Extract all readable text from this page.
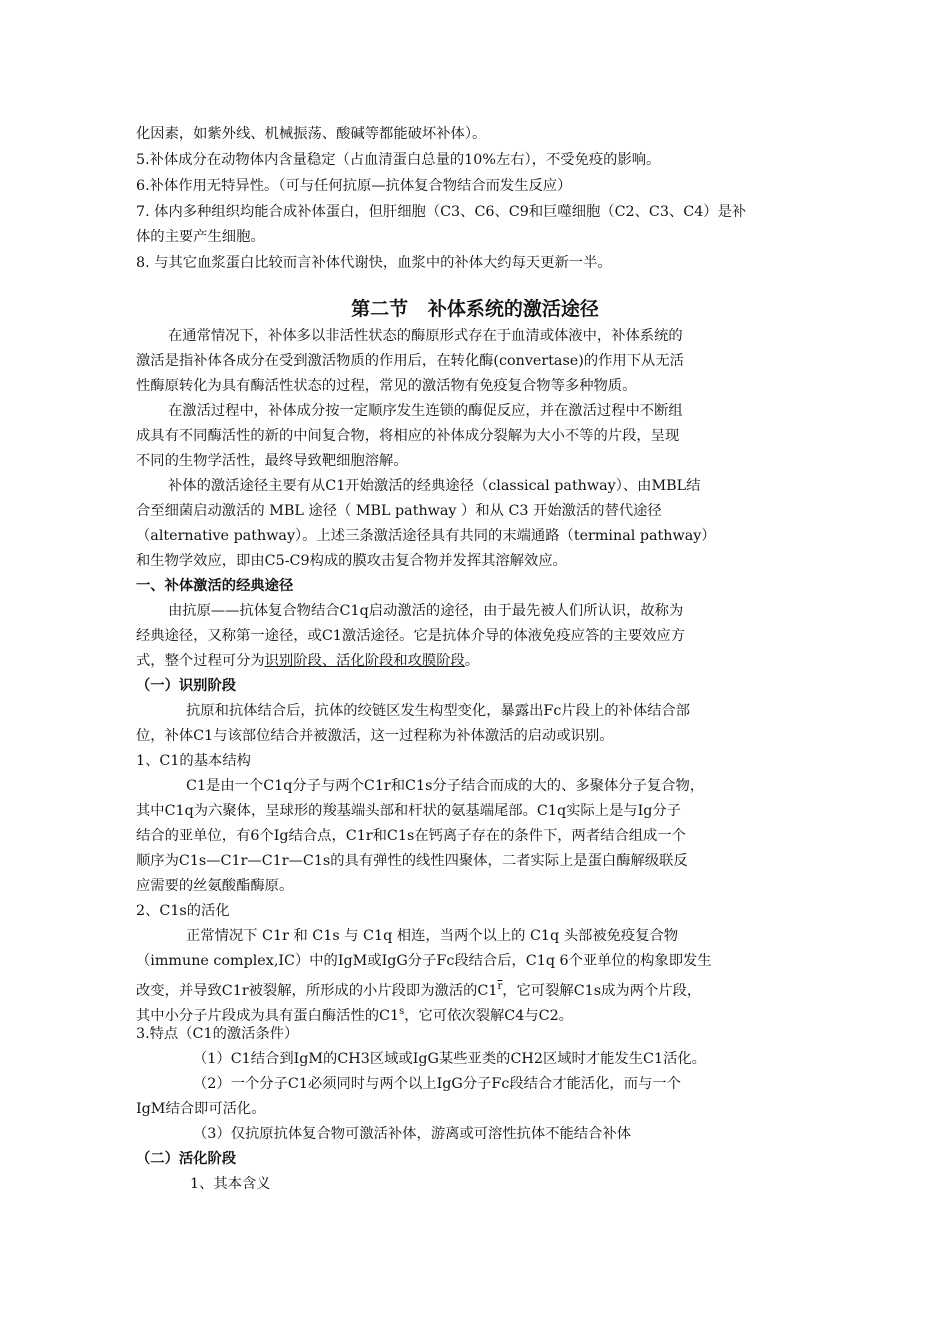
化因素，如紫外线、机械振荡、酸碱等都能破坏补体）。
5.补体成分在动物体内含量稳定（占血清蛋白总量的10%左右），不受免疫的影响。
6.补体作用无特异性。（可与任何抗原—抗体复合物结合而发生反应）
7. 体内多种组织均能合成补体蛋白，但肝细胞（C3、C6、C9和巨噬细胞（C2、C3、C4）是补
体的主要产生细胞。
8. 与其它血浆蛋白比较而言补体代谢快，血浆中的补体大约每天更新一半。
第二节   补体系统的激活途径
在通常情况下，补体多以非活性状态的酶原形式存在于血清或体液中，补体系统的
激活是指补体各成分在受到激活物质的作用后，在转化酶(convertase)的作用下从无活
性酶原转化为具有酶活性状态的过程，常见的激活物有免疫复合物等多种物质。
在激活过程中，补体成分按一定顺序发生连锁的酶促反应，并在激活过程中不断组
成具有不同酶活性的新的中间复合物，将相应的补体成分裂解为大小不等的片段，呈现
不同的生物学活性，最终导致靶细胞溶解。
补体的激活途径主要有从C1开始激活的经典途径（classical pathway）、由MBL结
合至细菌启动激活的 MBL 途径（ MBL pathway ）和从 C3 开始激活的替代途径
（alternative pathway）。上述三条激活途径具有共同的末端通路（terminal pathway）
和生物学效应，即由C5-C9构成的膜攻击复合物并发挥其溶解效应。
一、补体激活的经典途径
由抗原——抗体复合物结合C1q启动激活的途径，由于最先被人们所认识，故称为
经典途径，又称第一途径，或C1激活途径。它是抗体介导的体液免疫应答的主要效应方
式，整个过程可分为识别阶段、活化阶段和攻膜阶段。
（一）识别阶段
抗原和抗体结合后，抗体的绞链区发生构型变化，暴露出Fc片段上的补体结合部
位，补体C1与该部位结合并被激活，这一过程称为补体激活的启动或识别。
1、C1的基本结构
C1是由一个C1q分子与两个C1r和C1s分子结合而成的大的、多聚体分子复合物，
其中C1q为六聚体，呈球形的羧基端头部和杆状的氨基端尾部。C1q实际上是与Ig分子
结合的亚单位，有6个Ig结合点，C1r和C1s在钙离子存在的条件下，两者结合组成一个
顺序为C1s—C1r—C1r—C1s的具有弹性的线性四聚体，二者实际上是蛋白酶解级联反
应需要的丝氨酸酯酶原。
2、C1s的活化
正常情况下 C1r 和 C1s 与 C1q 相连，当两个以上的 C1q 头部被免疫复合物
（immune complex,IC）中的IgM或IgG分子Fc段结合后，C1q 6个亚单位的构象即发生
改变，并导致C1r被裂解，所形成的小片段即为激活的C1$^{\overline{r}}$，它可裂解C1s成为两个片段，
其中小分子片段成为具有蛋白酶活性的C1$^s$，它可依次裂解C4与C2。
3.特点（C1的激活条件）
（1）C1结合到IgM的CH3区域或IgG某些亚类的CH2区域时才能发生C1活化。
（2）一个分子C1必须同时与两个以上IgG分子Fc段结合才能活化，而与一个
IgM结合即可活化。
（3）仅抗原抗体复合物可激活补体，游离或可溶性抗体不能结合补体
（二）活化阶段
1、其本含义
